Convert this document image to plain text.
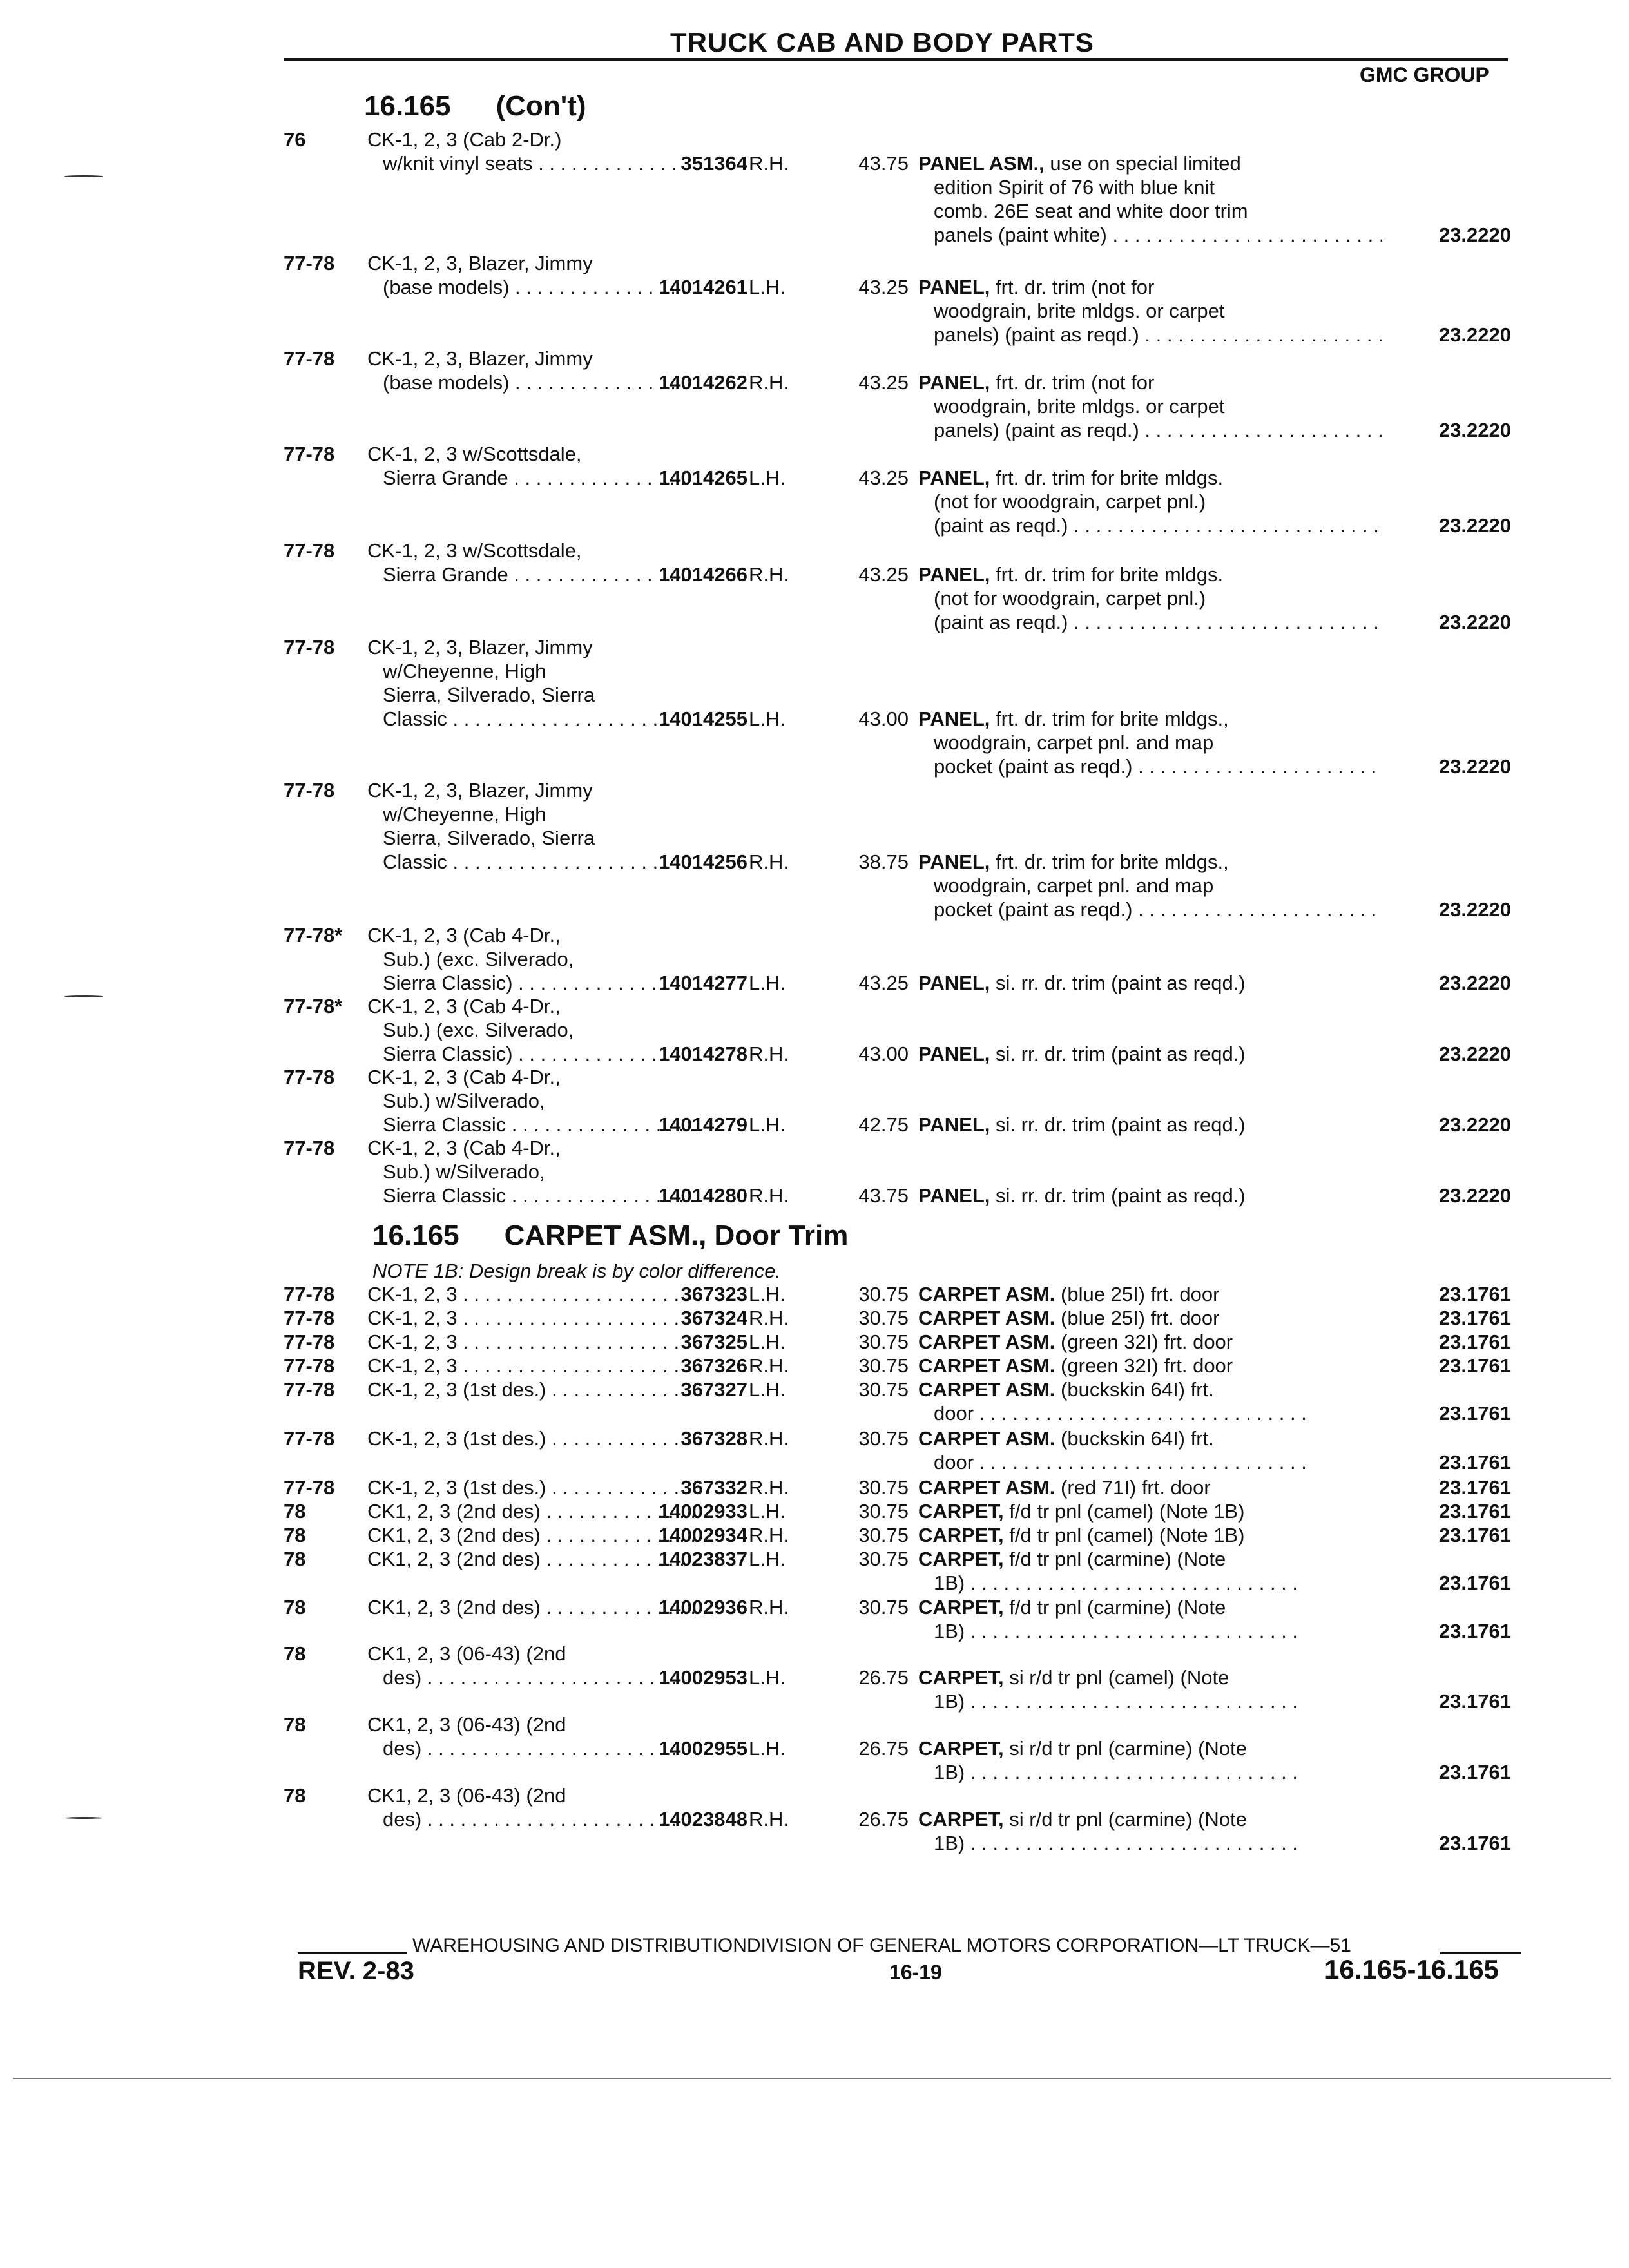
TRUCK CAB AND BODY PARTS
GMC GROUP
16.165 (Con't)
16.165 CARPET ASM., Door Trim
NOTE 1B: Design break is by color difference.
76	CK-1, 2, 3 (Cab 2-Dr.)
w/knit vinyl seats . . .	351364 R.H.	43.75 PANEL ASM., use on special limited
edition Spirit of 76 with blue knit
comb. 26E seat and white door trim
panels (paint white) . . .	23.2220
77-78	CK-1, 2, 3, Blazer, Jimmy
(base models) . . .	14014261 L.H.	43.25 PANEL, frt. dr. trim (not for
woodgrain, brite mldgs. or carpet
panels) (paint as reqd.) . . .	23.2220
77-78	CK-1, 2, 3, Blazer, Jimmy
(base models) . . .	14014262 R.H.	43.25 PANEL, frt. dr. trim (not for
woodgrain, brite mldgs. or carpet
panels) (paint as reqd.) . . .	23.2220
77-78	CK-1, 2, 3 w/Scottsdale,
Sierra Grande . . .	14014265 L.H.	43.25 PANEL, frt. dr. trim for brite mldgs.
(not for woodgrain, carpet pnl.)
(paint as reqd.) . . .	23.2220
77-78	CK-1, 2, 3 w/Scottsdale,
Sierra Grande . . .	14014266 R.H.	43.25 PANEL, frt. dr. trim for brite mldgs.
(not for woodgrain, carpet pnl.)
(paint as reqd.) . . .	23.2220
77-78	CK-1, 2, 3, Blazer, Jimmy
w/Cheyenne, High
Sierra, Silverado, Sierra
Classic . . .	14014255 L.H.	43.00 PANEL, frt. dr. trim for brite mldgs.,
woodgrain, carpet pnl. and map
pocket (paint as reqd.) . . .	23.2220
77-78	CK-1, 2, 3, Blazer, Jimmy
w/Cheyenne, High
Sierra, Silverado, Sierra
Classic . . .	14014256 R.H.	38.75 PANEL, frt. dr. trim for brite mldgs.,
woodgrain, carpet pnl. and map
pocket (paint as reqd.) . . .	23.2220
77-78*	CK-1, 2, 3 (Cab 4-Dr.,
Sub.) (exc. Silverado,
Sierra Classic) . . .	14014277 L.H.	43.25 PANEL, si. rr. dr. trim (paint as reqd.)	23.2220
77-78*	CK-1, 2, 3 (Cab 4-Dr.,
Sub.) (exc. Silverado,
Sierra Classic) . . .	14014278 R.H.	43.00 PANEL, si. rr. dr. trim (paint as reqd.)	23.2220
77-78	CK-1, 2, 3 (Cab 4-Dr.,
Sub.) w/Silverado,
Sierra Classic . . .	14014279 L.H.	42.75 PANEL, si. rr. dr. trim (paint as reqd.)	23.2220
77-78	CK-1, 2, 3 (Cab 4-Dr.,
Sub.) w/Silverado,
Sierra Classic . . .	14014280 R.H.	43.75 PANEL, si. rr. dr. trim (paint as reqd.)	23.2220
77-78	CK-1, 2, 3 . . .	367323 L.H.	30.75 CARPET ASM. (blue 25I) frt. door	23.1761
77-78	CK-1, 2, 3 . . .	367324 R.H.	30.75 CARPET ASM. (blue 25I) frt. door	23.1761
77-78	CK-1, 2, 3 . . .	367325 L.H.	30.75 CARPET ASM. (green 32I) frt. door	23.1761
77-78	CK-1, 2, 3 . . .	367326 R.H.	30.75 CARPET ASM. (green 32I) frt. door	23.1761
77-78	CK-1, 2, 3 (1st des.) . . .	367327 L.H.	30.75 CARPET ASM. (buckskin 64I) frt.
door . . .	23.1761
77-78	CK-1, 2, 3 (1st des.) . . .	367328 R.H.	30.75 CARPET ASM. (buckskin 64I) frt.
door . . .	23.1761
77-78	CK-1, 2, 3 (1st des.) . . .	367332 R.H.	30.75 CARPET ASM. (red 71I) frt. door	23.1761
78	CK1, 2, 3 (2nd des) . . .	14002933 L.H.	30.75 CARPET, f/d tr pnl (camel) (Note 1B)	23.1761
78	CK1, 2, 3 (2nd des) . . .	14002934 R.H.	30.75 CARPET, f/d tr pnl (camel) (Note 1B)	23.1761
78	CK1, 2, 3 (2nd des) . . .	14023837 L.H.	30.75 CARPET, f/d tr pnl (carmine) (Note
1B) . . .	23.1761
78	CK1, 2, 3 (2nd des) . . .	14002936 R.H.	30.75 CARPET, f/d tr pnl (carmine) (Note
1B) . . .	23.1761
78	CK1, 2, 3 (06-43) (2nd
des) . . .	14002953 L.H.	26.75 CARPET, si r/d tr pnl (camel) (Note
1B) . . .	23.1761
78	CK1, 2, 3 (06-43) (2nd
des) . . .	14002955 L.H.	26.75 CARPET, si r/d tr pnl (carmine) (Note
1B) . . .	23.1761
78	CK1, 2, 3 (06-43) (2nd
des) . . .	14023848 R.H.	26.75 CARPET, si r/d tr pnl (carmine) (Note
1B) . . .	23.1761
WAREHOUSING AND DISTRIBUTIONDIVISION OF GENERAL MOTORS CORPORATION—LT TRUCK—51
REV. 2-83	16-19	16.165-16.165
